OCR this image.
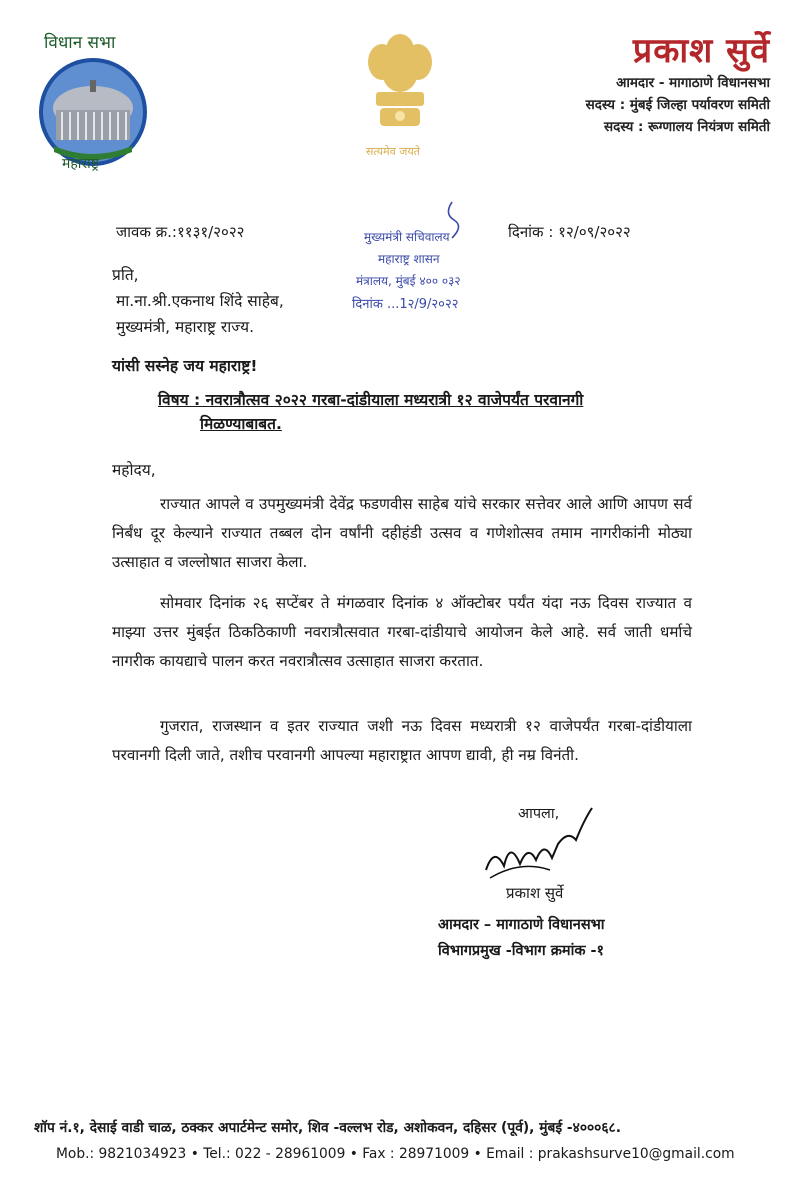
विधान सभा
महाराष्ट्र
सत्यमेव जयते
प्रकाश सुर्वे
आमदार - मागाठाणे विधानसभा
सदस्य : मुंबई जिल्हा पर्यावरण समिती
सदस्य : रूग्णालय नियंत्रण समिती
जावक क्र.:११३१/२०२२	दिनांक : १२/०९/२०२२
मुख्यमंत्री सचिवालय
महाराष्ट्र शासन
मंत्रालय, मुंबई ४०० ०३२
दिनांक ...1२/9/२०२२
प्रति,
मा.ना.श्री.एकनाथ शिंदे साहेब,
मुख्यमंत्री, महाराष्ट्र राज्य.
यांसी सस्नेह जय महाराष्ट्र!
विषय : नवरात्रौत्सव २०२२ गरबा-दांडीयाला मध्यरात्री १२ वाजेपर्यंत परवानगी
मिळण्याबाबत.
महोदय,
राज्यात आपले व उपमुख्यमंत्री देवेंद्र फडणवीस साहेब यांचे सरकार सत्तेवर आले आणि आपण सर्व निर्बंध दूर केल्याने राज्यात तब्बल दोन वर्षांनी दहीहंडी उत्सव व गणेशोत्सव तमाम नागरीकांनी मोठ्या उत्साहात व जल्लोषात साजरा केला.
सोमवार दिनांक २६ सप्टेंबर ते मंगळवार दिनांक ४ ऑक्टोबर पर्यंत यंदा नऊ दिवस राज्यात व माझ्या उत्तर मुंबईत ठिकठिकाणी नवरात्रौत्सवात गरबा-दांडीयाचे आयोजन केले आहे. सर्व जाती धर्माचे नागरीक कायद्याचे पालन करत नवरात्रौत्सव उत्साहात साजरा करतात.
गुजरात, राजस्थान व इतर राज्यात जशी नऊ दिवस मध्यरात्री १२ वाजेपर्यंत गरबा-दांडीयाला परवानगी दिली जाते, तशीच परवानगी आपल्या महाराष्ट्रात आपण द्यावी, ही नम्र विनंती.
आपला,
प्रकाश सुर्वे
आमदार – मागाठाणे विधानसभा
विभागप्रमुख -विभाग क्रमांक -१
शॉप नं.१, देसाई वाडी चाळ, ठक्कर अपार्टमेन्ट समोर, शिव -वल्लभ रोड, अशोकवन, दहिसर (पूर्व), मुंबई -४०००६८.
Mob.: 9821034923 • Tel.: 022 - 28961009 • Fax : 28971009 • Email : prakashsurve10@gmail.com
